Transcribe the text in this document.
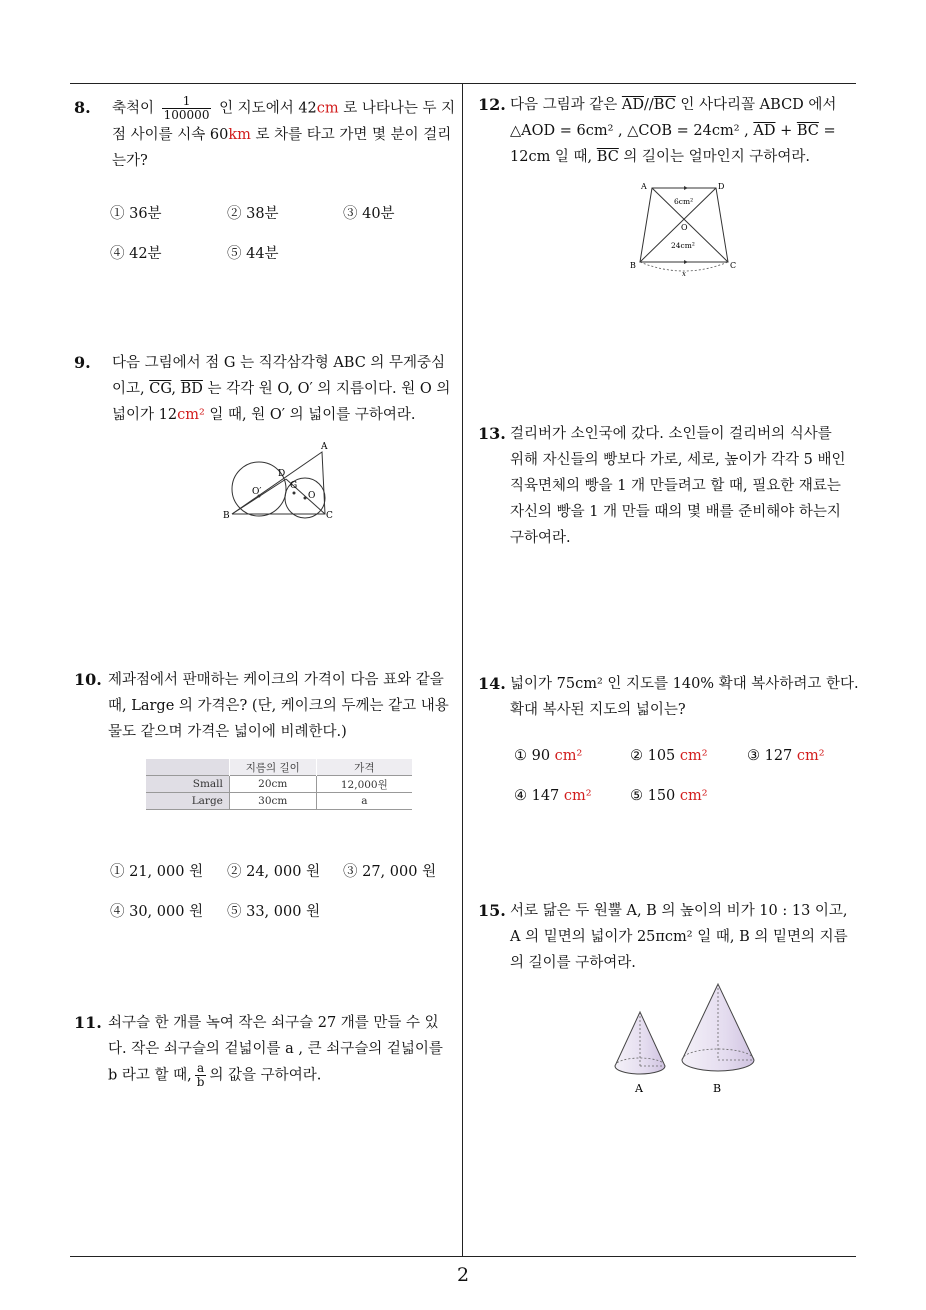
8. 축척이 $\frac{1}{100000}$ 인 지도에서 42cm 로 나타나는 두 지
점 사이를 시속 60km 로 차를 타고 가면 몇 분이 걸리
는가?
① 36분	② 38분	③ 40분
④ 42분	⑤ 44분
9. 다음 그림에서 점 G 는 직각삼각형 ABC 의 무게중심
이고, $\overline{CG}$, $\overline{BD}$ 는 각각 원 O, O′ 의 지름이다. 원 O 의
넓이가 12cm² 일 때, 원 O′ 의 넓이를 구하여라.
A
B	C
D
G
O
O′
10. 제과점에서 판매하는 케이크의 가격이 다음 표와 같을
때, Large 의 가격은? (단, 케이크의 두께는 같고 내용
물도 같으며 가격은 넓이에 비례한다.)
	지름의 길이	가격
Small	20cm	12,000원
Large	30cm	a
① 21, 000 원 ② 24, 000 원 ③ 27, 000 원
④ 30, 000 원 ⑤ 33, 000 원
11. 쇠구슬 한 개를 녹여 작은 쇠구슬 27 개를 만들 수 있
다. 작은 쇠구슬의 겉넓이를 a , 큰 쇠구슬의 겉넓이를
b 라고 할 때, $\frac{a}{b}$ 의 값을 구하여라.
12. 다음 그림과 같은 $\overline{AD}//\overline{BC}$ 인 사다리꼴 ABCD 에서
△AOD = 6cm² , △COB = 24cm² , $\overline{AD} + \overline{BC}$ =
12cm 일 때, $\overline{BC}$ 의 길이는 얼마인지 구하여라.
A	D
B	C
O
6cm²
24cm²
x
13. 걸리버가 소인국에 갔다. 소인들이 걸리버의 식사를
위해 자신들의 빵보다 가로, 세로, 높이가 각각 5 배인
직육면체의 빵을 1 개 만들려고 할 때, 필요한 재료는
자신의 빵을 1 개 만들 때의 몇 배를 준비해야 하는지
구하여라.
14. 넓이가 75cm² 인 지도를 140% 확대 복사하려고 한다.
확대 복사된 지도의 넓이는?
① 90 cm²	② 105 cm²	③ 127 cm²
④ 147 cm²	⑤ 150 cm²
15. 서로 닮은 두 원뿔 A, B 의 높이의 비가 10 : 13 이고,
A 의 밑면의 넓이가 25πcm² 일 때, B 의 밑면의 지름
의 길이를 구하여라.
A	B
2
